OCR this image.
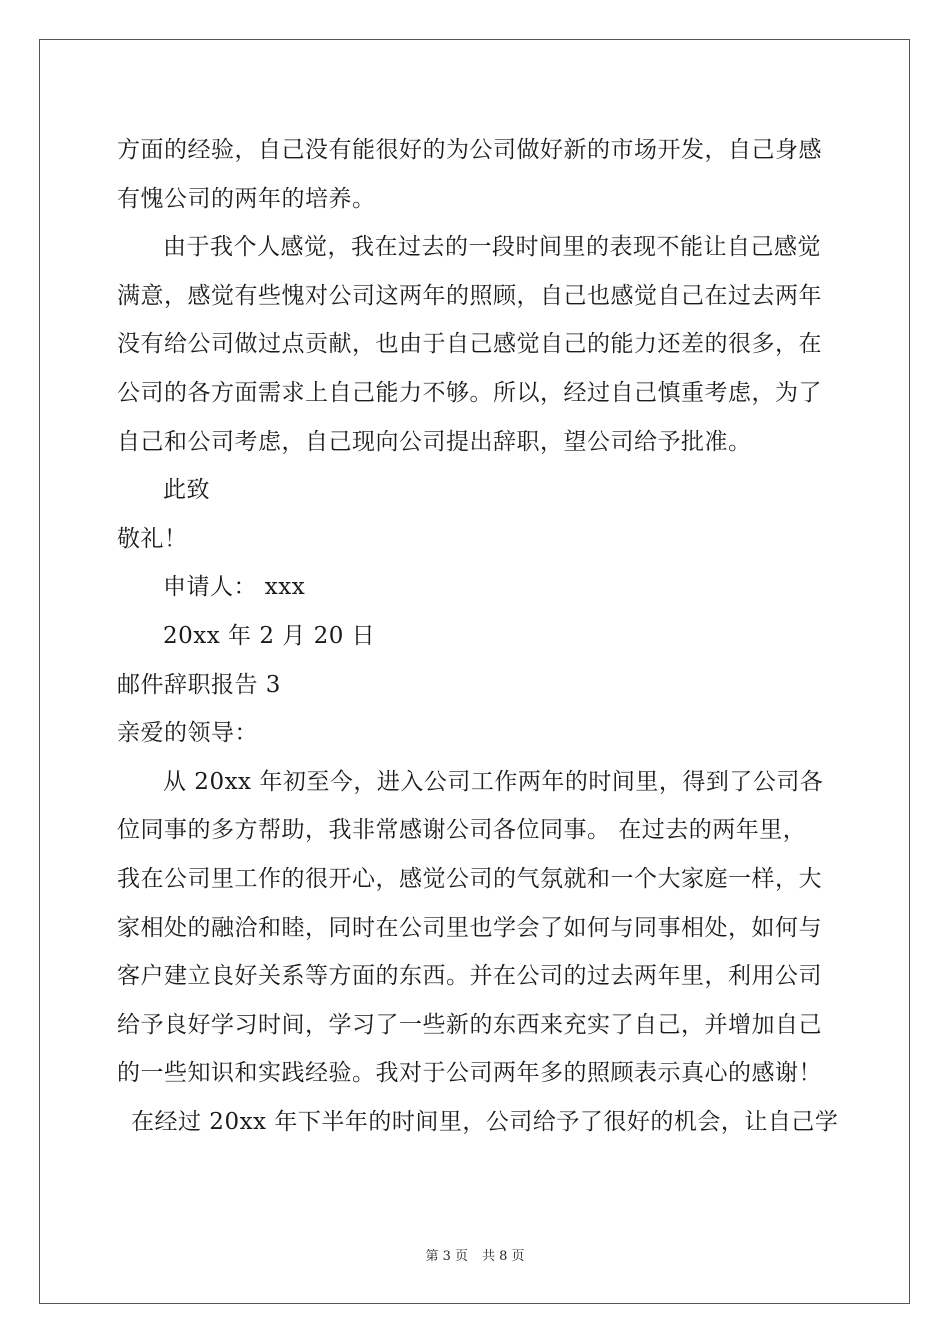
方面的经验，自己没有能很好的为公司做好新的市场开发，自己身感
有愧公司的两年的培养。
由于我个人感觉，我在过去的一段时间里的表现不能让自己感觉
满意，感觉有些愧对公司这两年的照顾，自己也感觉自己在过去两年
没有给公司做过点贡献，也由于自己感觉自己的能力还差的很多，在
公司的各方面需求上自己能力不够。所以，经过自己慎重考虑，为了
自己和公司考虑，自己现向公司提出辞职，望公司给予批准。
此致
敬礼！
申请人： xxx
20xx 年 2 月 20 日
邮件辞职报告 3
亲爱的领导：
从 20xx 年初至今，进入公司工作两年的时间里，得到了公司各
位同事的多方帮助，我非常感谢公司各位同事。 在过去的两年里，
我在公司里工作的很开心，感觉公司的气氛就和一个大家庭一样，大
家相处的融洽和睦，同时在公司里也学会了如何与同事相处，如何与
客户建立良好关系等方面的东西。并在公司的过去两年里，利用公司
给予良好学习时间，学习了一些新的东西来充实了自己，并增加自己
的一些知识和实践经验。我对于公司两年多的照顾表示真心的感谢！
在经过 20xx 年下半年的时间里，公司给予了很好的机会，让自己学
第 3 页 共 8 页
